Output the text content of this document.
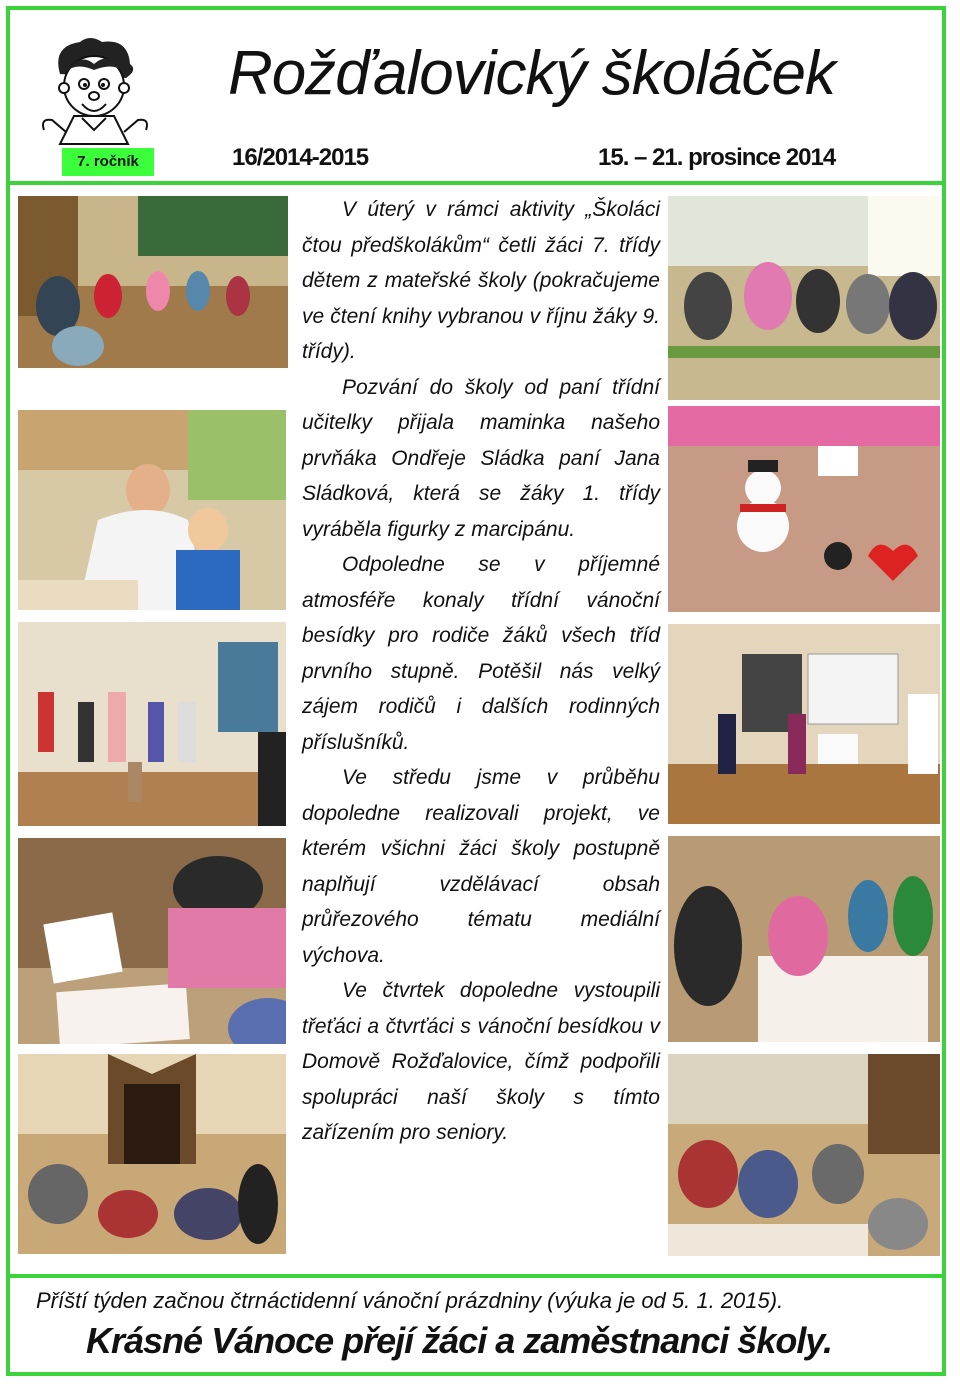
Rožďalovický školáček
7. ročník	16/2014-2015	15. – 21. prosince 2014

V úterý v rámci aktivity „Školáci čtou předškolákům“ četli žáci 7. třídy dětem z mateřské školy (pokračujeme ve čtení knihy vybranou v říjnu žáky 9. třídy).

Pozvání do školy od paní třídní učitelky přijala maminka našeho prvňáka Ondřeje Sládka paní Jana Sládková, která se žáky 1. třídy vyráběla figurky z marcipánu.

Odpoledne se v příjemné atmosféře konaly třídní vánoční besídky pro rodiče žáků všech tříd prvního stupně. Potěšil nás velký zájem rodičů i dalších rodinných příslušníků.

Ve středu jsme v průběhu dopoledne realizovali projekt, ve kterém všichni žáci školy postupně naplňují vzdělávací obsah průřezového tématu mediální výchova.

Ve čtvrtek dopoledne vystoupili třeťáci a čtvrťáci s vánoční besídkou v Domově Rožďalovice, čímž podpořili spolupráci naší školy s tímto zařízením pro seniory.

Příští týden začnou čtrnáctidenní vánoční prázdniny (výuka je od 5. 1. 2015).
Krásné Vánoce přejí žáci a zaměstnanci školy.
